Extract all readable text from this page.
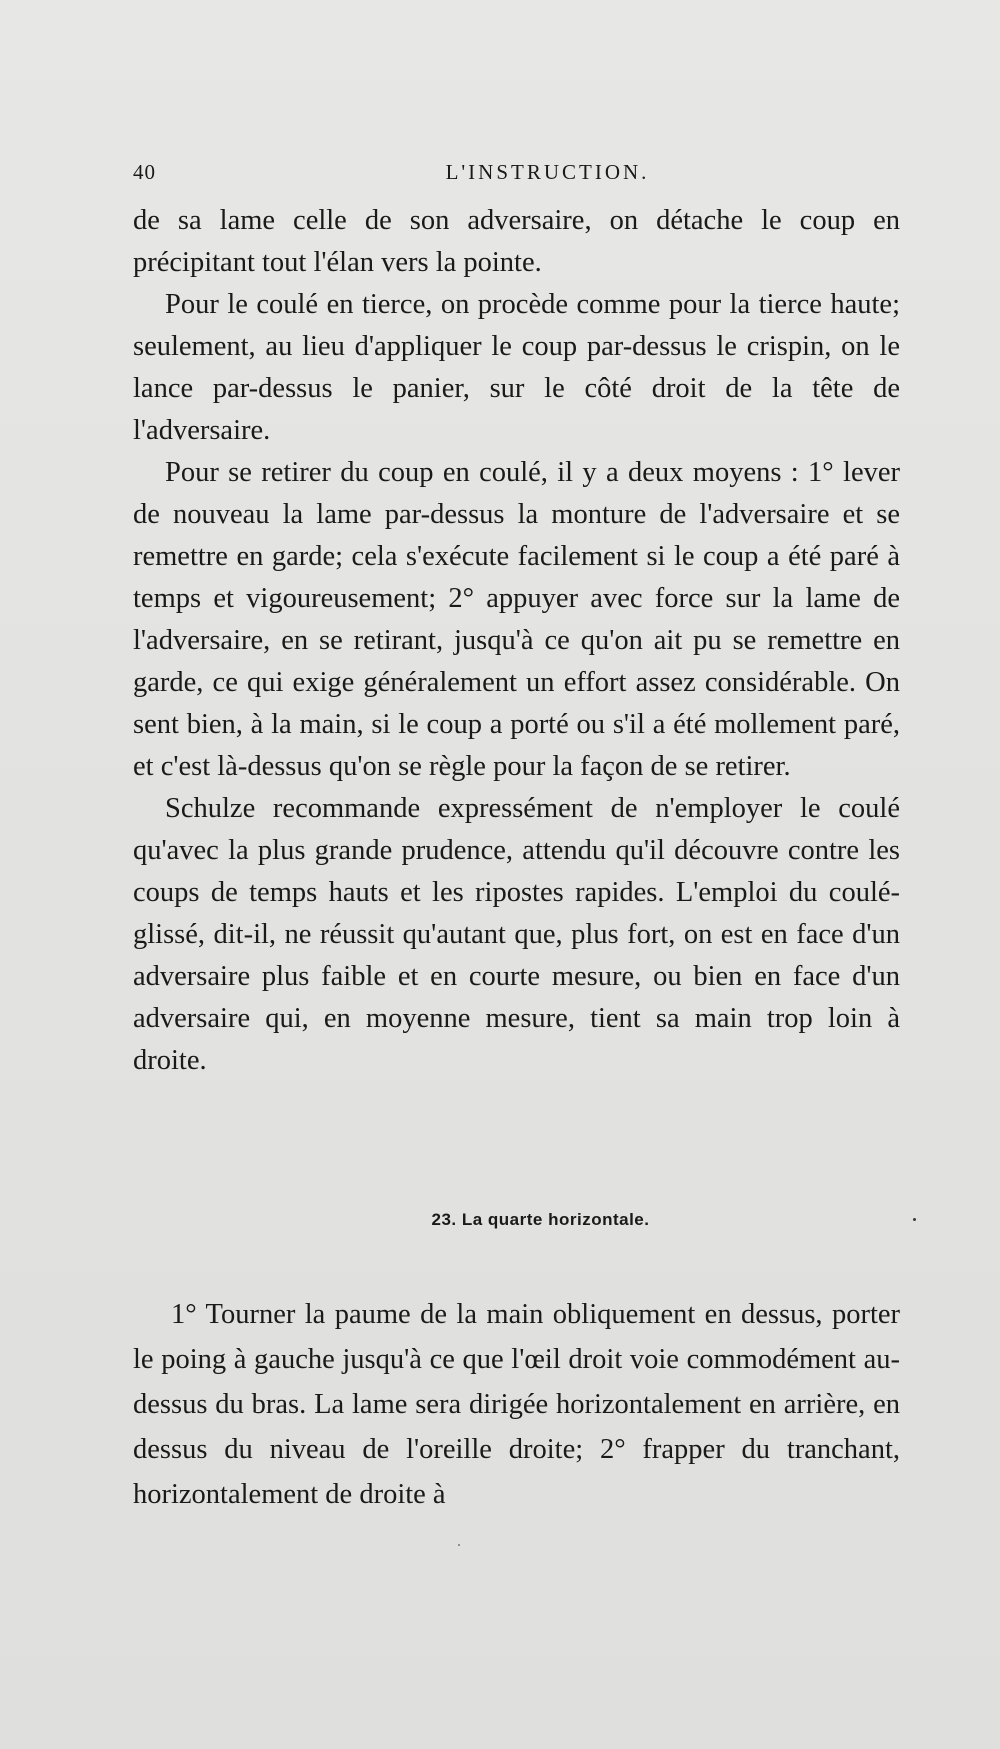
40	L'INSTRUCTION.

de sa lame celle de son adversaire, on détache le coup en précipitant tout l'élan vers la pointe.

Pour le coulé en tierce, on procède comme pour la tierce haute; seulement, au lieu d'appliquer le coup par-dessus le crispin, on le lance par-dessus le panier, sur le côté droit de la tête de l'adversaire.

Pour se retirer du coup en coulé, il y a deux moyens : 1° lever de nouveau la lame par-dessus la monture de l'adversaire et se remettre en garde; cela s'exécute facilement si le coup a été paré à temps et vigoureusement; 2° appuyer avec force sur la lame de l'adversaire, en se retirant, jusqu'à ce qu'on ait pu se remettre en garde, ce qui exige généralement un effort assez considérable. On sent bien, à la main, si le coup a porté ou s'il a été mollement paré, et c'est là-dessus qu'on se règle pour la façon de se retirer.

Schulze recommande expressément de n'employer le coulé qu'avec la plus grande prudence, attendu qu'il découvre contre les coups de temps hauts et les ripostes rapides. L'emploi du coulé-glissé, dit-il, ne réussit qu'autant que, plus fort, on est en face d'un adversaire plus faible et en courte mesure, ou bien en face d'un adversaire qui, en moyenne mesure, tient sa main trop loin à droite.

23. La quarte horizontale.

1° Tourner la paume de la main obliquement en dessus, porter le poing à gauche jusqu'à ce que l'œil droit voie commodément au-dessus du bras. La lame sera dirigée horizontalement en arrière, en dessus du niveau de l'oreille droite; 2° frapper du tranchant, horizontalement de droite à
